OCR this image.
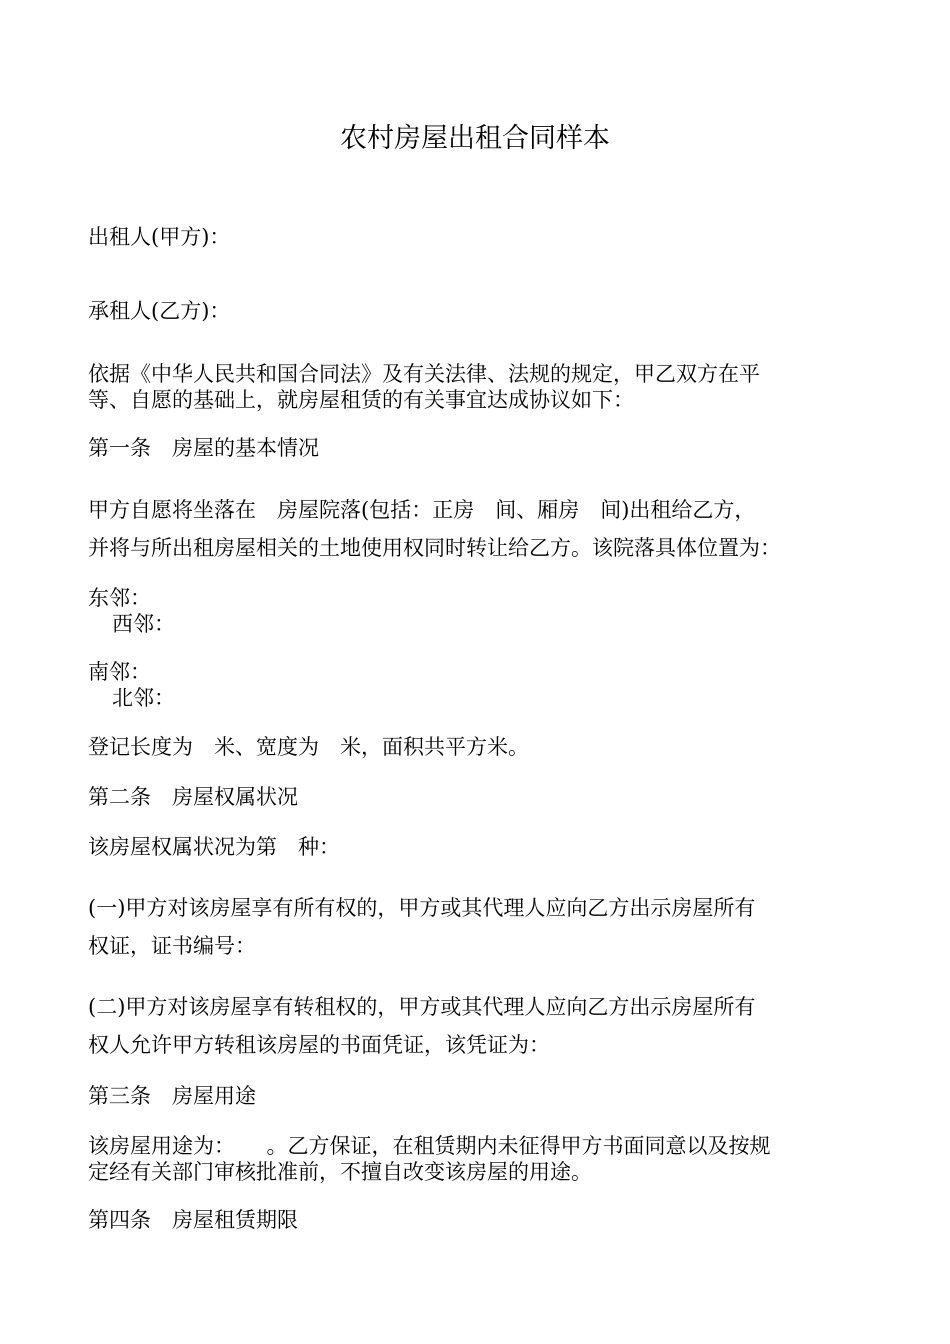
农村房屋出租合同样本
出租人(甲方)：
承租人(乙方)：
依据《中华人民共和国合同法》及有关法律、法规的规定，甲乙双方在平
等、自愿的基础上，就房屋租赁的有关事宜达成协议如下：
第一条　房屋的基本情况
甲方自愿将坐落在　房屋院落(包括：正房　间、厢房　间)出租给乙方，
并将与所出租房屋相关的土地使用权同时转让给乙方。该院落具体位置为：
东邻：
西邻：
南邻：
北邻：
登记长度为　米、宽度为　米，面积共平方米。
第二条　房屋权属状况
该房屋权属状况为第　种：
(一)甲方对该房屋享有所有权的，甲方或其代理人应向乙方出示房屋所有
权证，证书编号：
(二)甲方对该房屋享有转租权的，甲方或其代理人应向乙方出示房屋所有
权人允许甲方转租该房屋的书面凭证，该凭证为：
第三条　房屋用途
该房屋用途为：　　。乙方保证，在租赁期内未征得甲方书面同意以及按规
定经有关部门审核批准前，不擅自改变该房屋的用途。
第四条　房屋租赁期限
